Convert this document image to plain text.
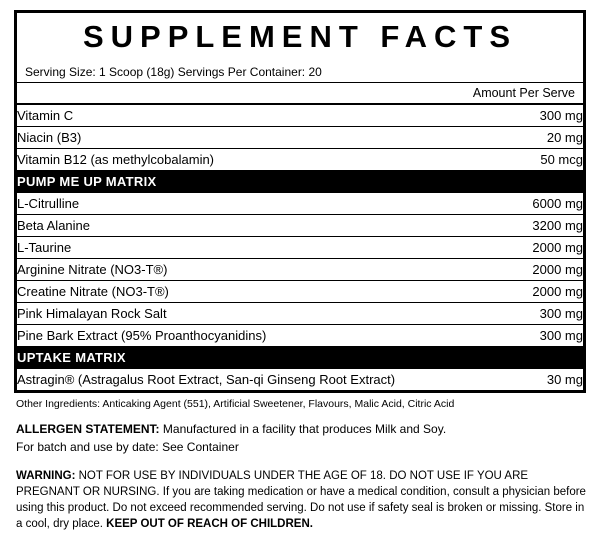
SUPPLEMENT FACTS
Serving Size: 1 Scoop (18g) Servings Per Container: 20
Amount Per Serve
Vitamin C	300 mg
Niacin (B3)	20 mg
Vitamin B12 (as methylcobalamin)	50 mcg
PUMP ME UP MATRIX	
L-Citrulline	6000 mg
Beta Alanine	3200 mg
L-Taurine	2000 mg
Arginine Nitrate (NO3-T®)	2000 mg
Creatine Nitrate (NO3-T®)	2000 mg
Pink Himalayan Rock Salt	300 mg
Pine Bark Extract (95% Proanthocyanidins)	300 mg
UPTAKE MATRIX	
Astragin® (Astragalus Root Extract, San-qi Ginseng Root Extract)	30 mg
Other Ingredients: Anticaking Agent (551), Artificial Sweetener, Flavours, Malic Acid, Citric Acid
ALLERGEN STATEMENT: Manufactured in a facility that produces Milk and Soy.
For batch and use by date: See Container
WARNING: NOT FOR USE BY INDIVIDUALS UNDER THE AGE OF 18. DO NOT USE IF YOU ARE PREGNANT OR NURSING. If you are taking medication or have a medical condition, consult a physician before using this product. Do not exceed recommended serving. Do not use if safety seal is broken or missing. Store in a cool, dry place. KEEP OUT OF REACH OF CHILDREN.
